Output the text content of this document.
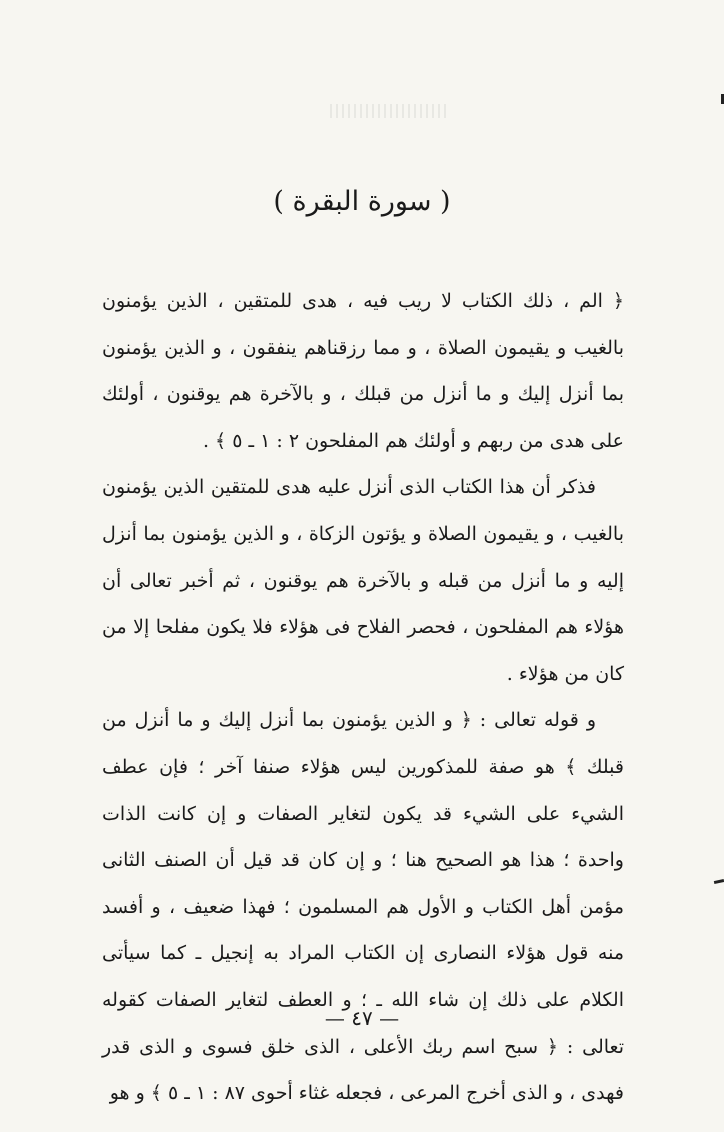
( سورة البقرة )

﴿ الم ، ذلك الكتاب لا ريب فيه ، هدى للمتقين ، الذين يؤمنون بالغيب و يقيمون الصلاة ، و مما رزقناهم ينفقون ، و الذين يؤمنون بما أنزل إليك و ما أنزل من قبلك ، و بالآخرة هم يوقنون ، أولئك على هدى من ربهم و أولئك هم المفلحون ٢ : ١ ـ ٥ ﴾ .

فذكر أن هذا الكتاب الذى أنزل عليه هدى للمتقين الذين يؤمنون بالغيب ، و يقيمون الصلاة و يؤتون الزكاة ، و الذين يؤمنون بما أنزل إليه و ما أنزل من قبله و بالآخرة هم يوقنون ، ثم أخبر تعالى أن هؤلاء هم المفلحون ، فحصر الفلاح فى هؤلاء فلا يكون مفلحا إلا من كان من هؤلاء .

و قوله تعالى : ﴿ و الذين يؤمنون بما أنزل إليك و ما أنزل من قبلك ﴾ هو صفة للمذكورين ليس هؤلاء صنفا آخر ؛ فإن عطف الشيء على الشيء قد يكون لتغاير الصفات و إن كانت الذات واحدة ؛ هذا هو الصحيح هنا ؛ و إن كان قد قيل أن الصنف الثانى مؤمن أهل الكتاب و الأول هم المسلمون ؛ فهذا ضعيف ، و أفسد منه قول هؤلاء النصارى إن الكتاب المراد به إنجيل ـ كما سيأتى الكلام على ذلك إن شاء الله ـ ؛ و العطف لتغاير الصفات كقوله تعالى : ﴿ سبح اسم ربك الأعلى ، الذى خلق فسوى و الذى قدر فهدى ، و الذى أخرج المرعى ، فجعله غثاء أحوى ٨٧ : ١ ـ ٥ ﴾ و هو

— ٤٧ —
